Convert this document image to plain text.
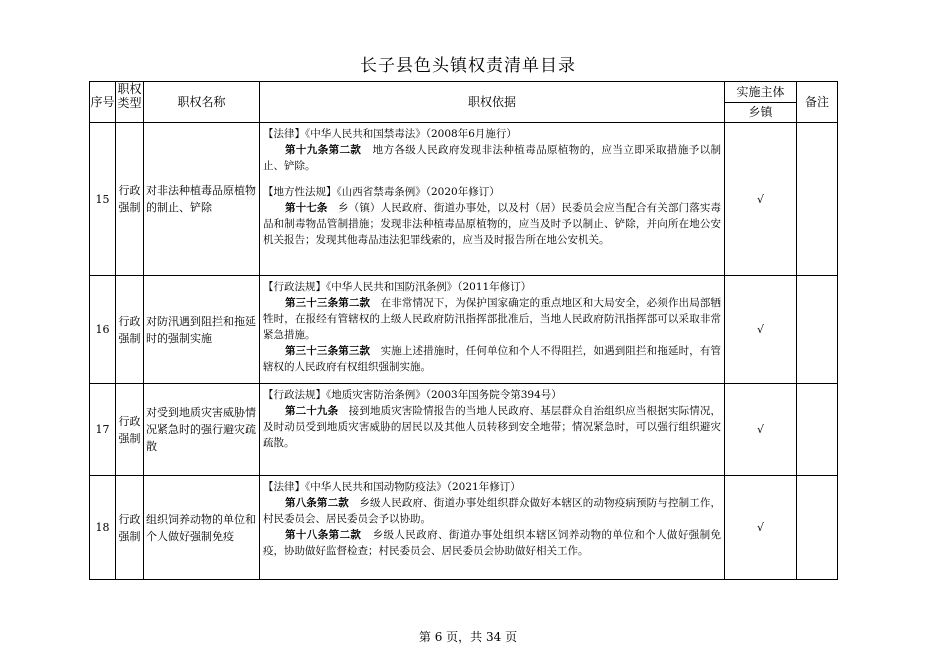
长子县色头镇权责清单目录
序号	职权类型	职权名称	职权依据	实施主体	备注
				乡镇	
15	行政强制	对非法种植毒品原植物的制止、铲除	【法律】《中华人民共和国禁毒法》（2008年6月施行）

第十九条第二款 地方各级人民政府发现非法种植毒品原植物的，应当立即采取措施予以制止、铲除。

【地方性法规】《山西省禁毒条例》（2020年修订）

第十七条 乡（镇）人民政府、街道办事处，以及村（居）民委员会应当配合有关部门落实毒品和制毒物品管制措施；发现非法种植毒品原植物的，应当及时予以制止、铲除，并向所在地公安机关报告；发现其他毒品违法犯罪线索的，应当及时报告所在地公安机关。	√	
16	行政强制	对防汛遇到阻拦和拖延时的强制实施	【行政法规】《中华人民共和国防汛条例》（2011年修订）

第三十三条第二款 在非常情况下，为保护国家确定的重点地区和大局安全，必须作出局部牺牲时，在报经有管辖权的上级人民政府防汛指挥部批准后，当地人民政府防汛指挥部可以采取非常紧急措施。

第三十三条第三款 实施上述措施时，任何单位和个人不得阻拦，如遇到阻拦和拖延时，有管辖权的人民政府有权组织强制实施。	√	
17	行政强制	对受到地质灾害威胁情况紧急时的强行避灾疏散	【行政法规】《地质灾害防治条例》（2003年国务院令第394号）

第二十九条 接到地质灾害险情报告的当地人民政府、基层群众自治组织应当根据实际情况，及时动员受到地质灾害威胁的居民以及其他人员转移到安全地带；情况紧急时，可以强行组织避灾疏散。	√	
18	行政强制	组织饲养动物的单位和个人做好强制免疫	【法律】《中华人民共和国动物防疫法》（2021年修订）

第八条第二款 乡级人民政府、街道办事处组织群众做好本辖区的动物疫病预防与控制工作，村民委员会、居民委员会予以协助。

第十八条第二款 乡级人民政府、街道办事处组织本辖区饲养动物的单位和个人做好强制免疫，协助做好监督检查；村民委员会、居民委员会协助做好相关工作。	√	
第 6 页，共 34 页
